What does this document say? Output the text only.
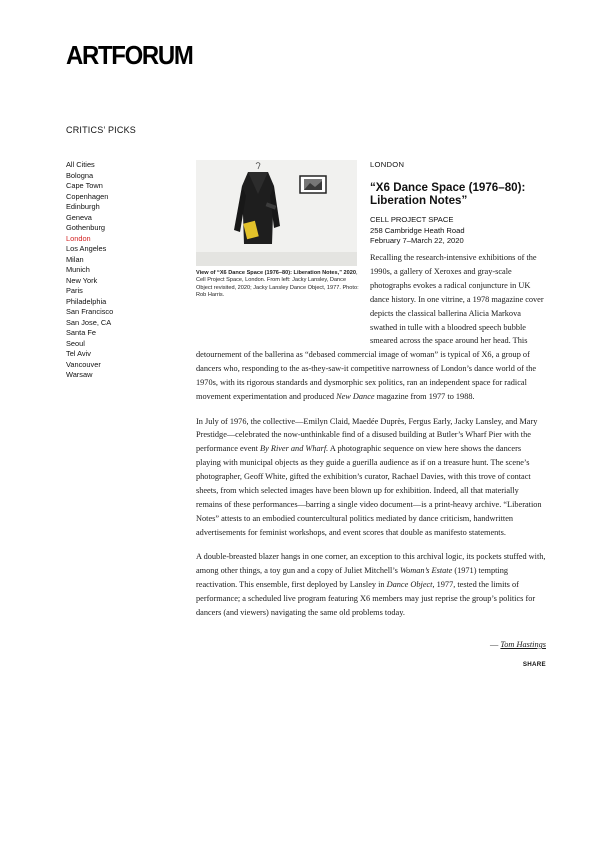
ARTFORUM
CRITICS’ PICKS
All Cities
Bologna
Cape Town
Copenhagen
Edinburgh
Geneva
Gothenburg
London
Los Angeles
Milan
Munich
New York
Paris
Philadelphia
San Francisco
San Jose, CA
Santa Fe
Seoul
Tel Aviv
Vancouver
Warsaw

View of “X6 Dance Space (1976–80): Liberation Notes,” 2020, Cell Project Space, London. From left: Jacky Lansley, Dance Object revisited, 2020; Jacky Lansley Dance Object, 1977. Photo: Rob Harris.

LONDON
“X6 Dance Space (1976–80): Liberation Notes”
CELL PROJECT SPACE
258 Cambridge Heath Road
February 7–March 22, 2020

Recalling the research-intensive exhibitions of the 1990s, a gallery of Xeroxes and gray-scale photographs evokes a radical conjuncture in UK dance history. In one vitrine, a 1978 magazine cover depicts the classical ballerina Alicia Markova swathed in tulle with a bloodred speech bubble smeared across the space around her head. This detournement of the ballerina as “debased commercial image of woman” is typical of X6, a group of dancers who, responding to the as-they-saw-it competitive narrowness of London’s dance world of the 1970s, with its rigorous standards and dysmorphic sex politics, ran an independent space for radical movement experimentation and produced New Dance magazine from 1977 to 1988.

In July of 1976, the collective—Emilyn Claid, Maedée Duprès, Fergus Early, Jacky Lansley, and Mary Prestidge—celebrated the now-unthinkable find of a disused building at Butler’s Wharf Pier with the performance event By River and Wharf. A photographic sequence on view here shows the dancers playing with municipal objects as they guide a guerilla audience as if on a treasure hunt. The scene’s photographer, Geoff White, gifted the exhibition’s curator, Rachael Davies, with this trove of contact sheets, from which selected images have been blown up for exhibition. Indeed, all that materially remains of these performances—barring a single video document—is a print-heavy archive. “Liberation Notes” attests to an embodied countercultural politics mediated by dance criticism, handwritten advertisements for feminist workshops, and event scores that double as manifesto statements.

A double-breasted blazer hangs in one corner, an exception to this archival logic, its pockets stuffed with, among other things, a toy gun and a copy of Juliet Mitchell’s Woman’s Estate (1971) tempting reactivation. This ensemble, first deployed by Lansley in Dance Object, 1977, tested the limits of performance; a scheduled live program featuring X6 members may just reprise the group’s politics for dancers (and viewers) navigating the same old problems today.

— Tom Hastings
SHARE
